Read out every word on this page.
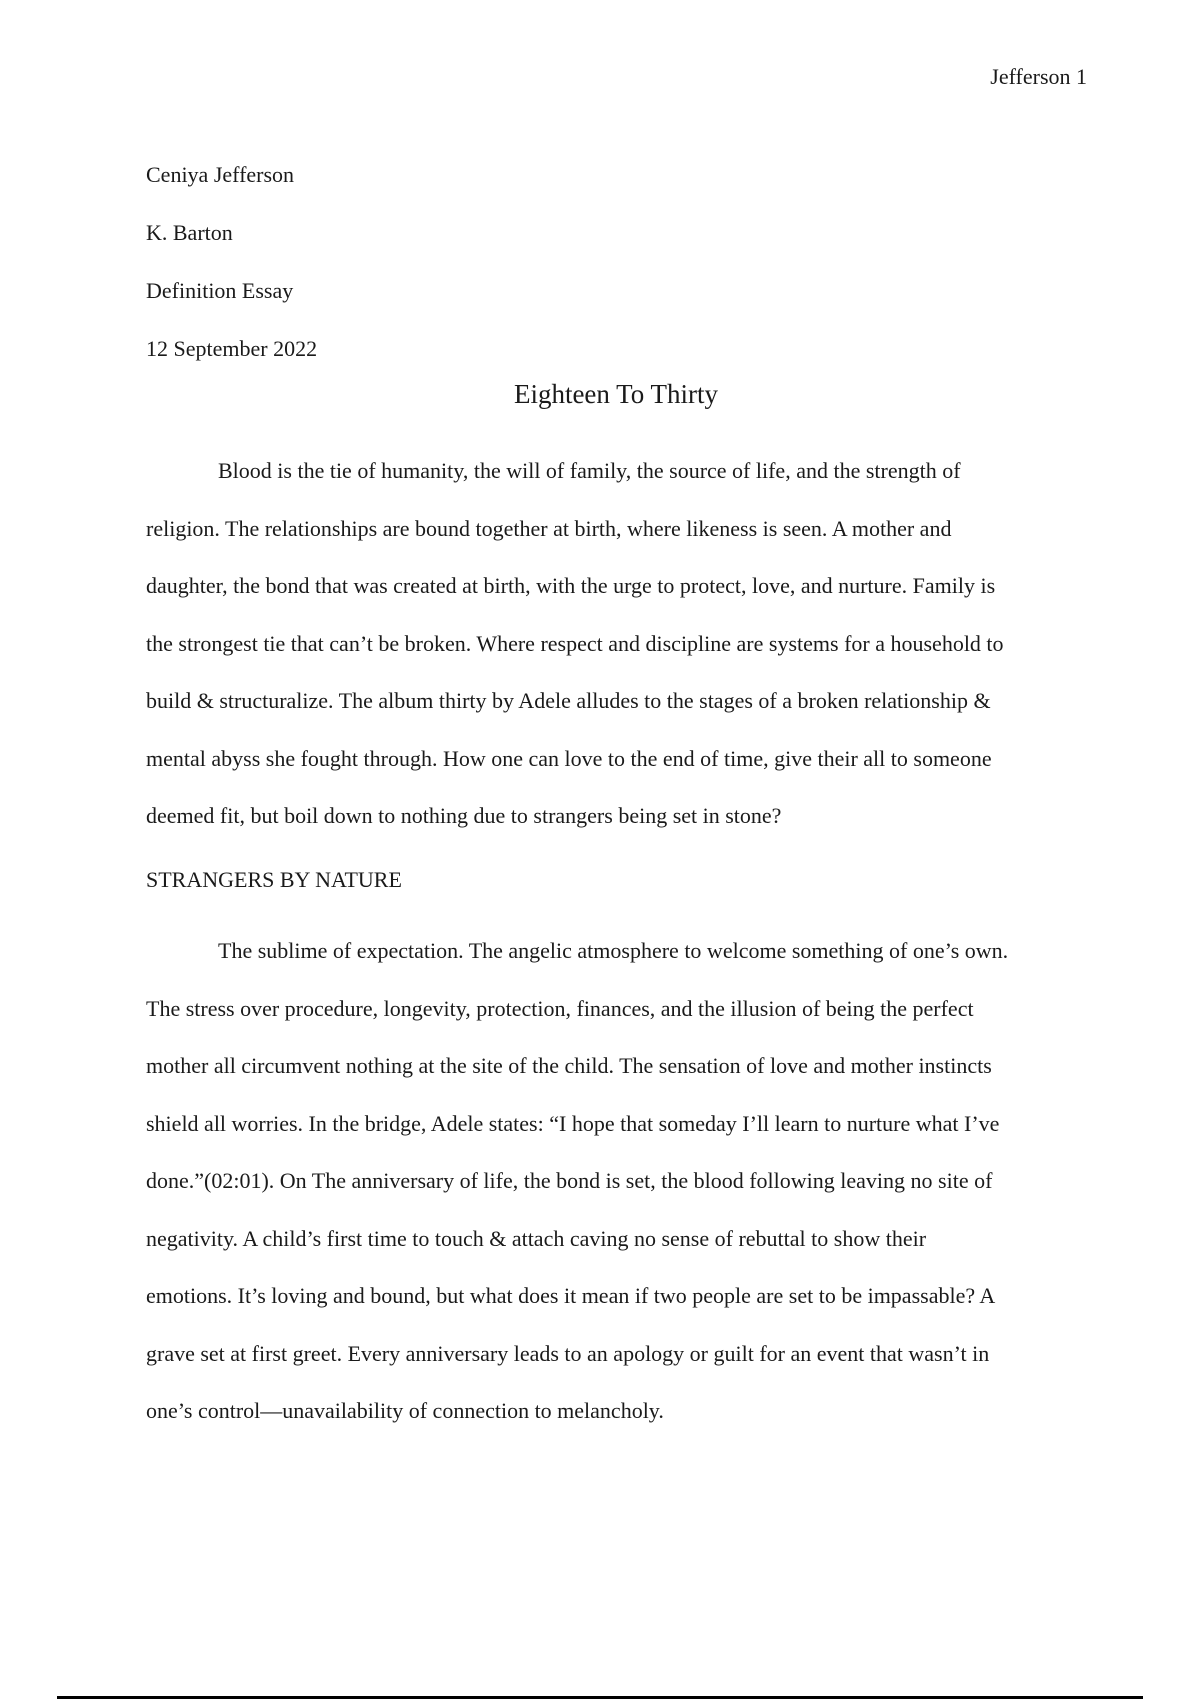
Jefferson 1
Ceniya Jefferson
K. Barton
Definition Essay
12 September 2022
Eighteen To Thirty
Blood is the tie of humanity, the will of family, the source of life, and the strength of
religion. The relationships are bound together at birth, where likeness is seen. A mother and
daughter, the bond that was created at birth, with the urge to protect, love, and nurture. Family is
the strongest tie that can’t be broken. Where respect and discipline are systems for a household to
build & structuralize. The album thirty by Adele alludes to the stages of a broken relationship &
mental abyss she fought through. How one can love to the end of time, give their all to someone
deemed fit, but boil down to nothing due to strangers being set in stone?
STRANGERS BY NATURE
The sublime of expectation. The angelic atmosphere to welcome something of one’s own.
The stress over procedure, longevity, protection, finances, and the illusion of being the perfect
mother all circumvent nothing at the site of the child. The sensation of love and mother instincts
shield all worries. In the bridge, Adele states: “I hope that someday I’ll learn to nurture what I’ve
done.”(02:01). On The anniversary of life, the bond is set, the blood following leaving no site of
negativity. A child’s first time to touch & attach caving no sense of rebuttal to show their
emotions. It’s loving and bound, but what does it mean if two people are set to be impassable? A
grave set at first greet. Every anniversary leads to an apology or guilt for an event that wasn’t in
one’s control—unavailability of connection to melancholy.
